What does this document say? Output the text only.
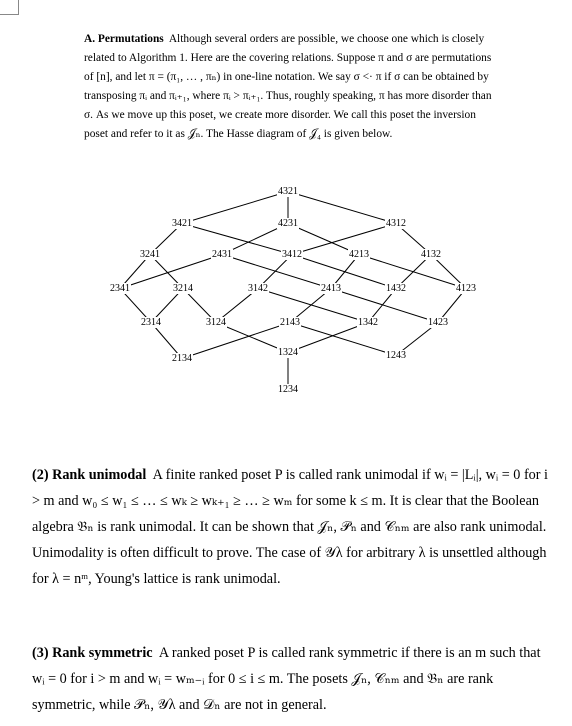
A. Permutations Although several orders are possible, we choose one which is closely related to Algorithm 1. Here are the covering relations. Suppose π and σ are permutations of [n], and let π = (π₁, … , πₙ) in one-line notation. We say σ <· π if σ can be obtained by transposing πᵢ and πᵢ₊₁, where πᵢ > πᵢ₊₁. Thus, roughly speaking, π has more disorder than σ. As we move up this poset, we create more disorder. We call this poset the inversion poset and refer to it as 𝒥ₙ. The Hasse diagram of 𝒥₄ is given below.

4321
3421	4231	4312
3241	2431	3412	4213	4132
2341	3214	3142	2413	1432	4123
2314	3124	2143	1342	1423
2134
1324	1243
1234

(2) Rank unimodal A finite ranked poset P is called rank unimodal if wᵢ = |Lᵢ|, wᵢ = 0 for i > m and w₀ ≤ w₁ ≤ … ≤ wₖ ≥ wₖ₊₁ ≥ … ≥ wₘ for some k ≤ m. It is clear that the Boolean algebra 𝔅ₙ is rank unimodal. It can be shown that 𝒥ₙ, 𝒫ₙ and 𝒞ₙₘ are also rank unimodal. Unimodality is often difficult to prove. The case of 𝒴λ for arbitrary λ is unsettled although for λ = nᵐ, Young's lattice is rank unimodal.

(3) Rank symmetric A ranked poset P is called rank symmetric if there is an m such that wᵢ = 0 for i > m and wᵢ = wₘ₋ᵢ for 0 ≤ i ≤ m. The posets 𝒥ₙ, 𝒞ₙₘ and 𝔅ₙ are rank symmetric, while 𝒫ₙ, 𝒴λ and 𝒟ₙ are not in general.
